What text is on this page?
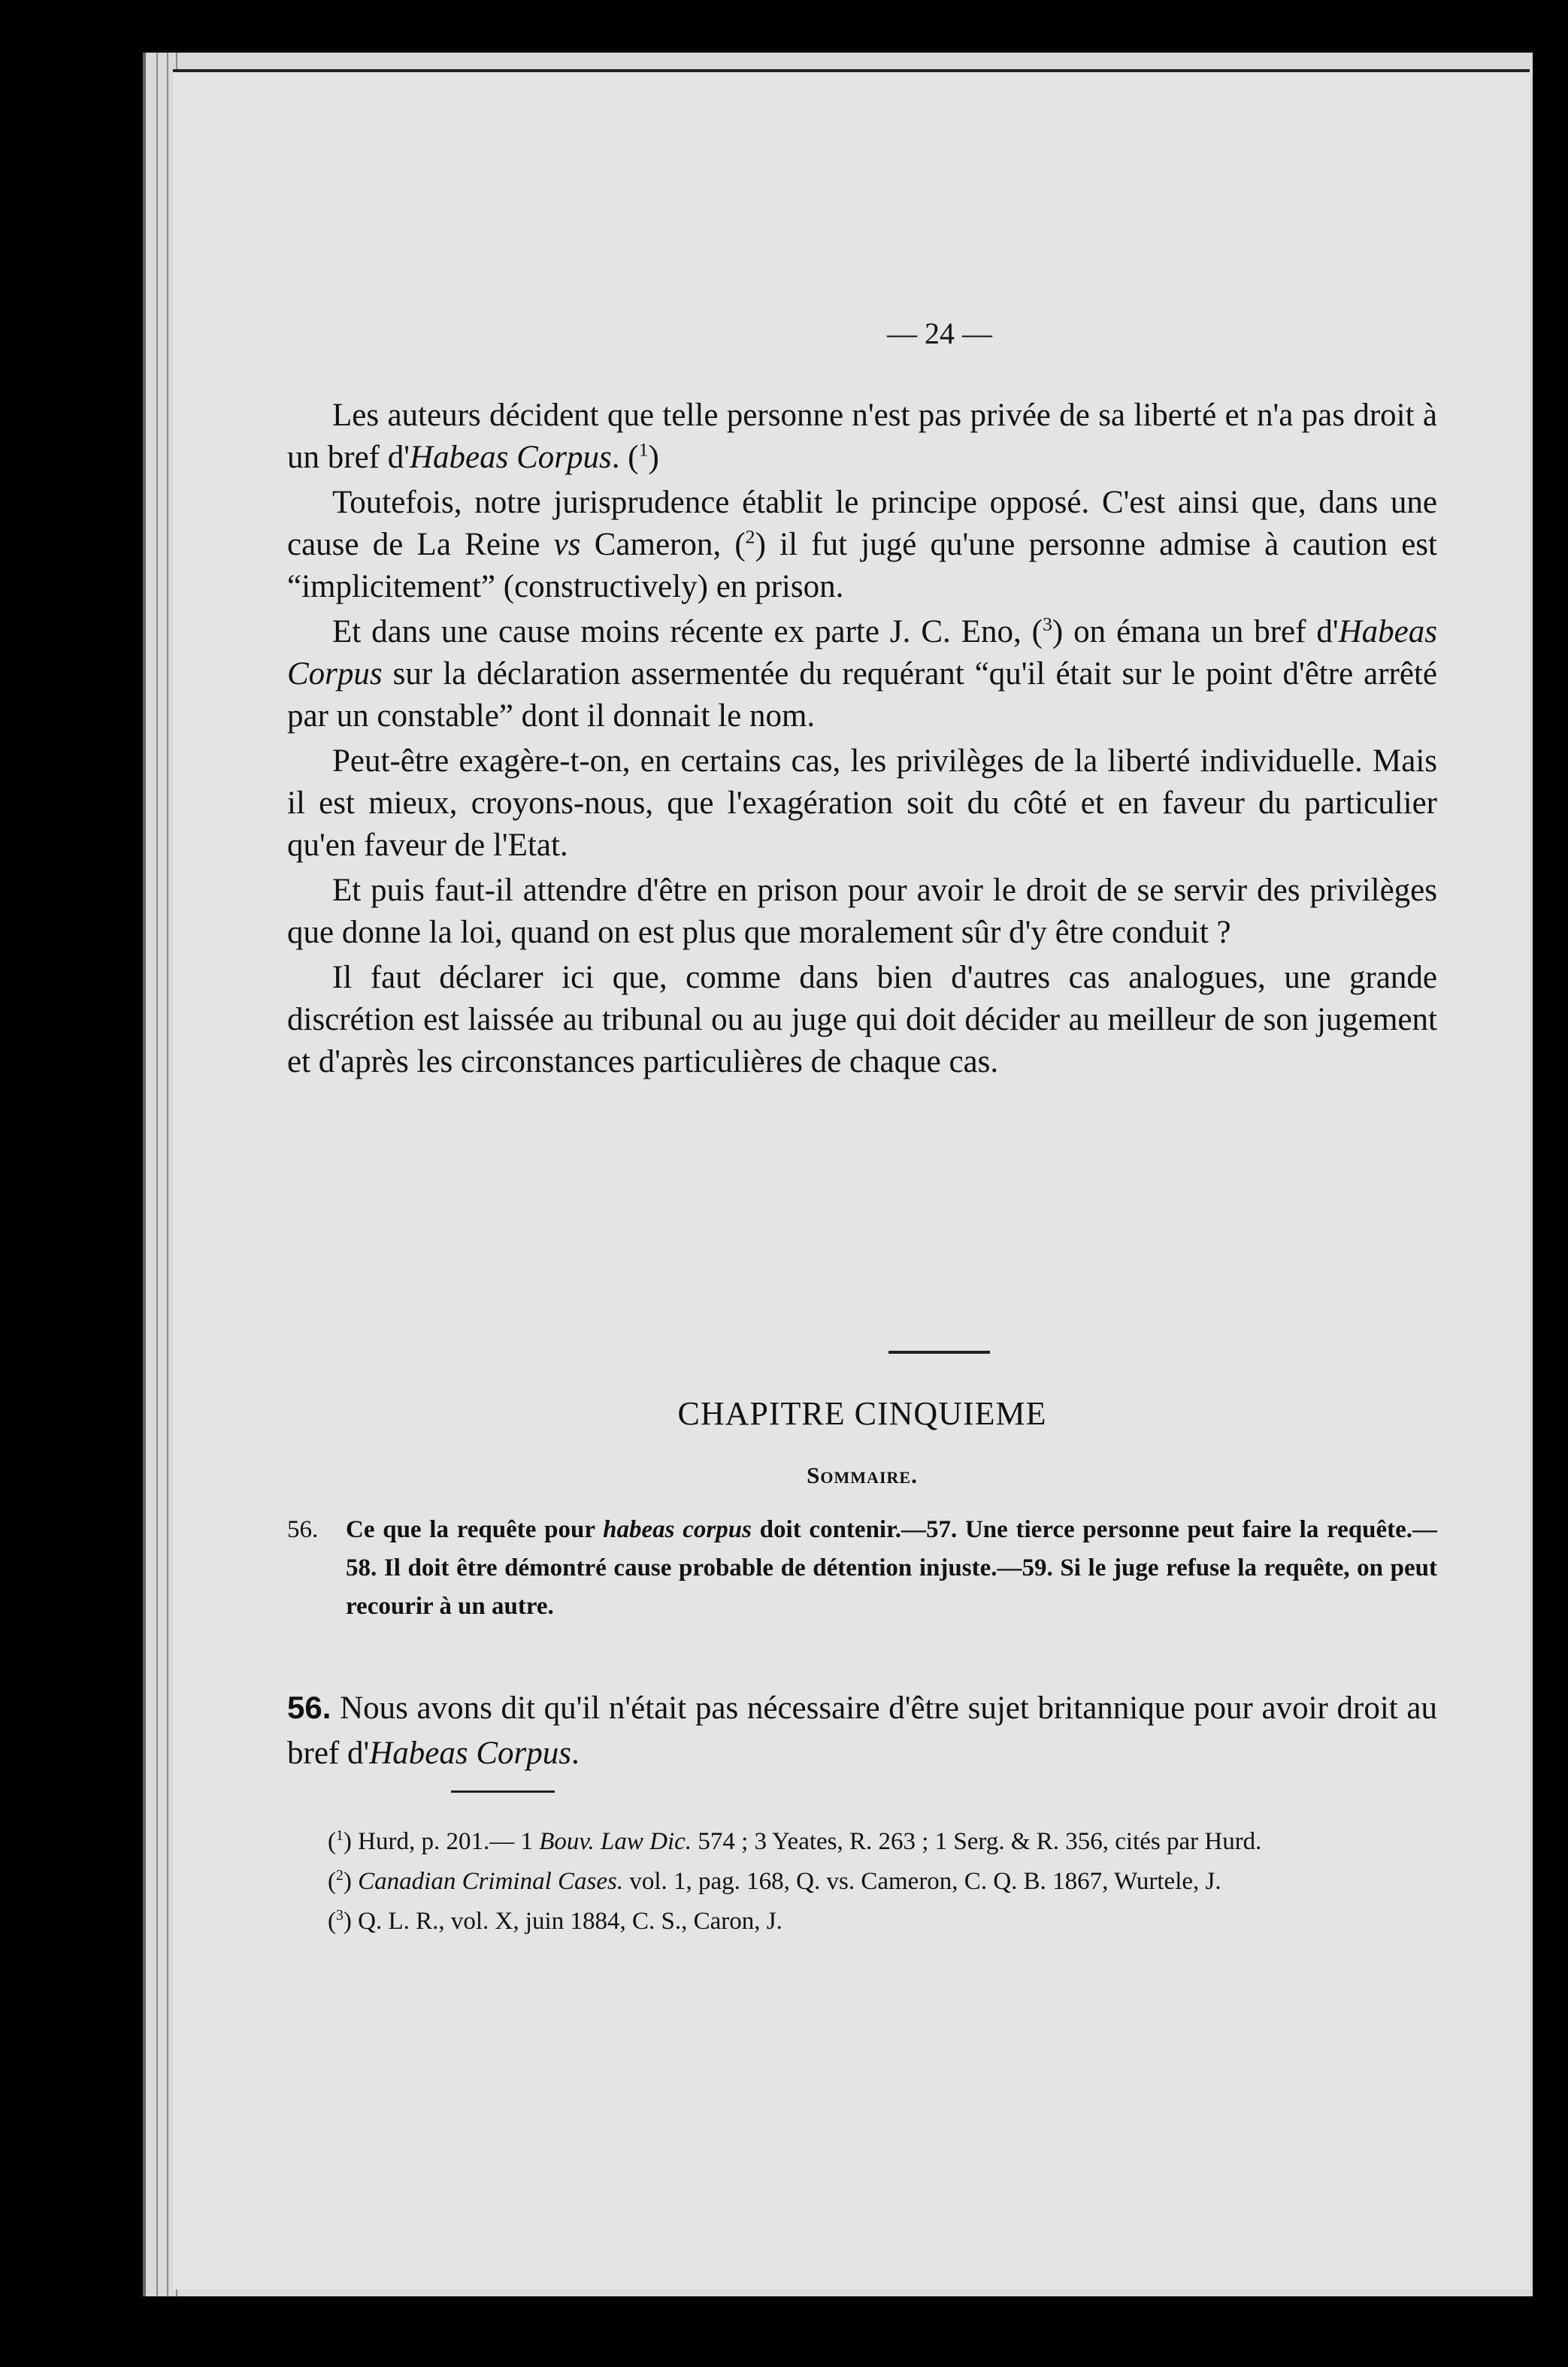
— 24 —

Les auteurs décident que telle personne n'est pas privée de sa liberté et n'a pas droit à un bref d'Habeas Corpus. ($^1$)

Toutefois, notre jurisprudence établit le principe opposé. C'est ainsi que, dans une cause de La Reine vs Cameron, ($^2$) il fut jugé qu'une personne admise à caution est “implicitement” (constructively) en prison.

Et dans une cause moins récente ex parte J. C. Eno, ($^3$) on émana un bref d'Habeas Corpus sur la déclaration assermentée du requérant “qu'il était sur le point d'être arrêté par un constable” dont il donnait le nom.

Peut-être exagère-t-on, en certains cas, les privilèges de la liberté individuelle. Mais il est mieux, croyons-nous, que l'exagération soit du côté et en faveur du particulier qu'en faveur de l'Etat.

Et puis faut-il attendre d'être en prison pour avoir le droit de se servir des privilèges que donne la loi, quand on est plus que moralement sûr d'y être conduit ?

Il faut déclarer ici que, comme dans bien d'autres cas analogues, une grande discrétion est laissée au tribunal ou au juge qui doit décider au meilleur de son jugement et d'après les circonstances particulières de chaque cas.

CHAPITRE CINQUIEME
Sommaire.
56. Ce que la requête pour habeas corpus doit contenir.—57. Une tierce personne peut faire la requête.—58. Il doit être démontré cause probable de détention injuste.—59. Si le juge refuse la requête, on peut recourir à un autre.
56. Nous avons dit qu'il n'était pas nécessaire d'être sujet britannique pour avoir droit au bref d'Habeas Corpus.

($^1$) Hurd, p. 201.— 1 Bouv. Law Dic. 574 ; 3 Yeates, R. 263 ; 1 Serg. & R. 356, cités par Hurd.

($^2$) Canadian Criminal Cases. vol. 1, pag. 168, Q. vs. Cameron, C. Q. B. 1867, Wurtele, J.

($^3$) Q. L. R., vol. X, juin 1884, C. S., Caron, J.
